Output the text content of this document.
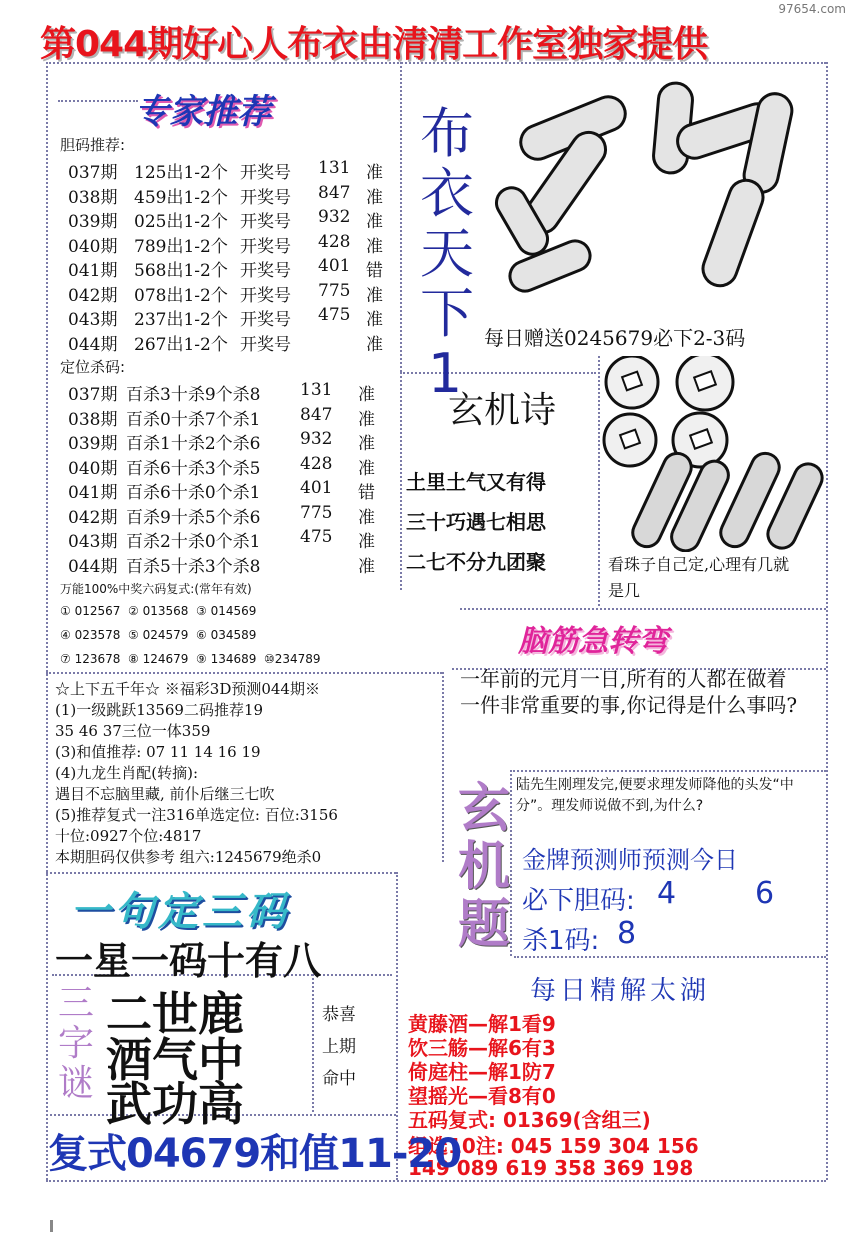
97654.com
第044期好心人布衣由清清工作室独家提供
专家推荐
胆码推荐:
037期 125出1-2个 开奖号 131 准
038期 459出1-2个 开奖号 847 准
039期 025出1-2个 开奖号 932 准
040期 789出1-2个 开奖号 428 准
041期 568出1-2个 开奖号 401 错
042期 078出1-2个 开奖号 775 准
043期 237出1-2个 开奖号 475 准
044期 267出1-2个 开奖号	准
定位杀码:
037期 百杀3十杀9个杀8 131 准
038期 百杀0十杀7个杀1 847 准
039期 百杀1十杀2个杀6 932 准
040期 百杀6十杀3个杀5 428 准
041期 百杀6十杀0个杀1 401 错
042期 百杀9十杀5个杀6 775 准
043期 百杀2十杀0个杀1 475 准
044期 百杀5十杀3个杀8	准
万能100%中奖六码复式:(常年有效)
① 012567 ② 013568 ③ 014569
④ 023578 ⑤ 024579 ⑥ 034589
⑦ 123678 ⑧ 124679 ⑨ 134689 ⑩234789
☆上下五千年☆ ※福彩3D预测044期※
(1)一级跳跃13569二码推荐19
35 46 37三位一体359
(3)和值推荐: 07 11 14 16 19
(4)九龙生肖配(转摘):
遇目不忘脑里藏, 前仆后继三七吹
(5)推荐复式一注316单选定位: 百位:3156
十位:0927个位:4817
本期胆码仅供参考 组六:1245679绝杀0
布
衣
天
下
1
每日赠送0245679必下2-3码
玄机诗
土里土气又有得
三十巧遇七相思
二七不分九团聚	看珠子自己定,心理有几就是几
脑筋急转弯
一年前的元月一日,所有的人都在做着一件非常重要的事,你记得是什么事吗?
玄
机
题
陆先生刚理发完,便要求理发师降他的头发“中分”。理发师说做不到,为什么?
金牌预测师预测今日
必下胆码: 4	6
杀1码: 8
每日精解太湖
黄藤酒—解1看9
饮三觞—解6有3
倚庭柱—解1防7
望摇光—看8有0
五码复式: 01369(含组三)
组选10注: 045 159 304 156
149 089 619 358 369 198
一句定三码
一星一码十有八
三
字
谜
二世鹿
酒气中
武功高
恭喜
上期
命中
复式04679和值11-20
